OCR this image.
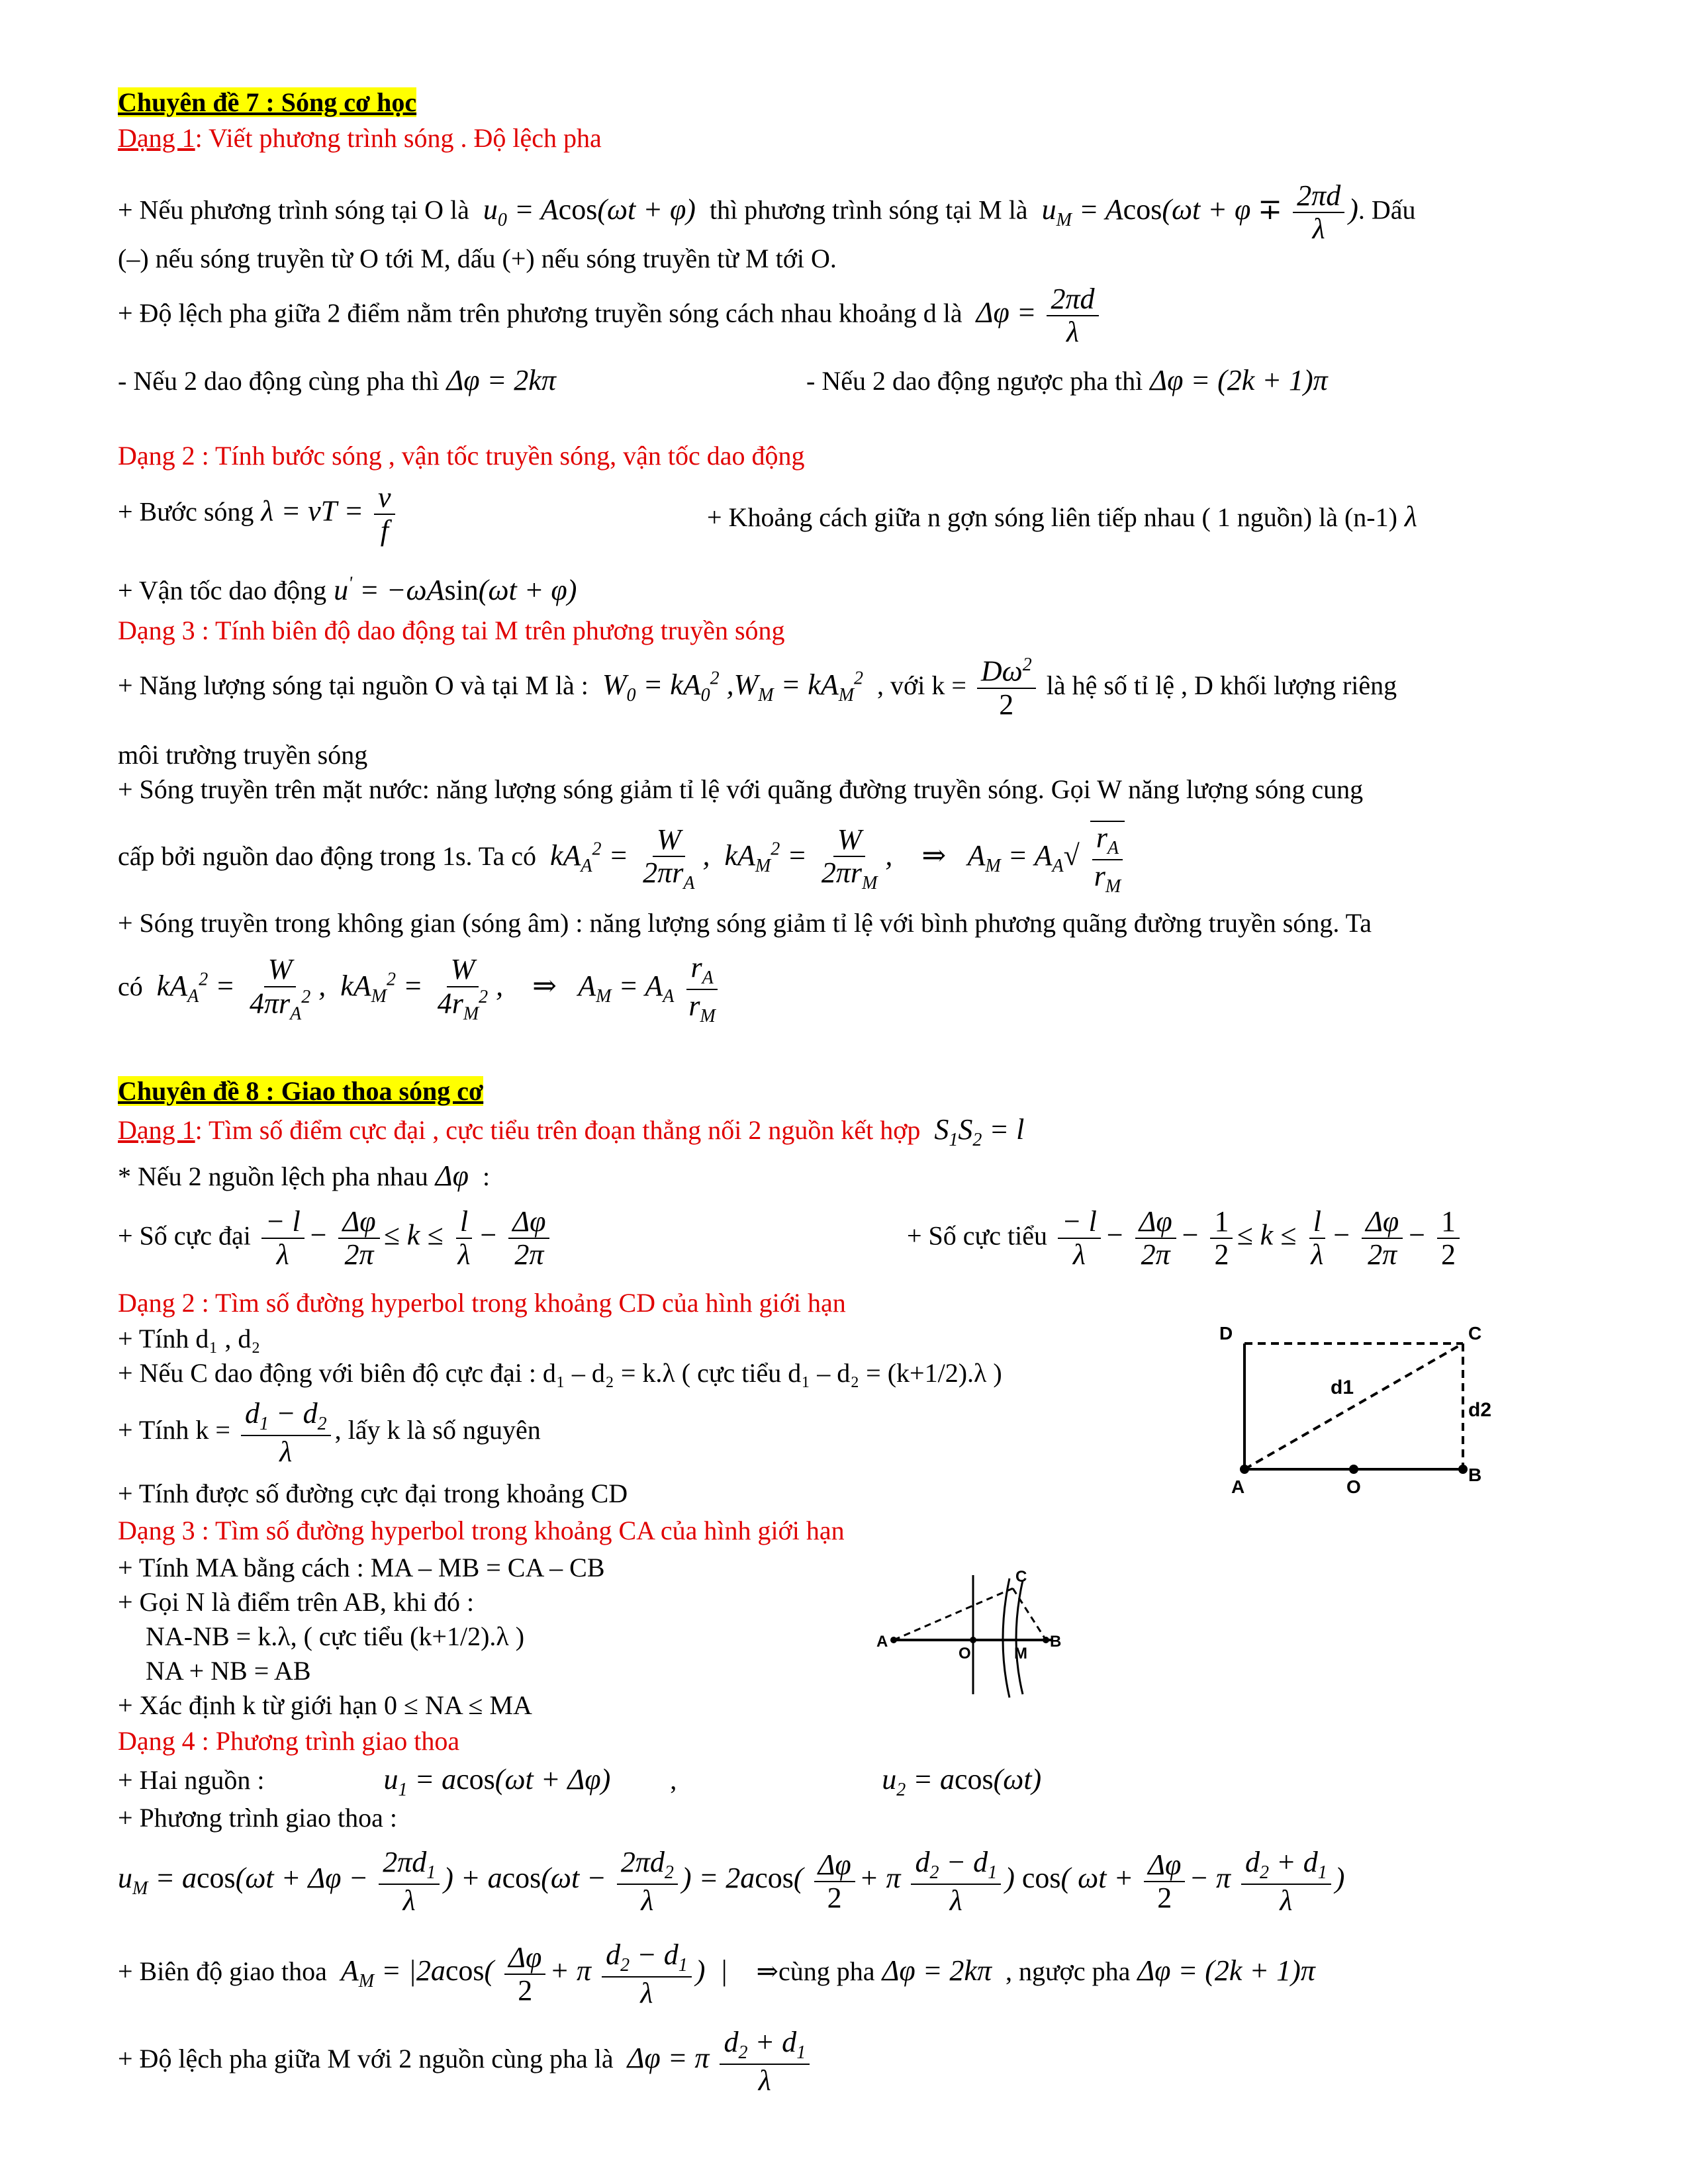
Chuyên đề 7 : Sóng cơ học
Dạng 1: Viết phương trình sóng . Độ lệch pha
+ Nếu phương trình sóng tại O là  $u_0 = Acos(\omega t + \varphi)$  thì phương trình sóng tại M là  $u_M = Acos(\omega t + \varphi \mp \frac{2\pi d}{\lambda}$ ). Dấu
(–) nếu sóng truyền từ O tới M, dấu (+) nếu sóng truyền từ M tới O.
+ Độ lệch pha giữa 2 điểm nằm trên phương truyền sóng cách nhau khoảng d là  $\Delta\varphi = \frac{2\pi d}{\lambda}$
- Nếu 2 dao động cùng pha thì Δφ = 2kπ	- Nếu 2 dao động ngược pha thì Δφ = (2k + 1)π
Dạng 2 : Tính bước sóng , vận tốc truyền sóng, vận tốc dao động
+ Bước sóng λ = vT = $\frac{v}{f}$	+ Khoảng cách giữa n gợn sóng liên tiếp nhau ( 1 nguồn) là (n-1) λ
+ Vận tốc dao động u' = −ωAsin(ωt + φ)
Dạng 3 : Tính biên độ dao động tai M trên phương truyền sóng
+ Năng lượng sóng tại nguồn O và tại M là :  $W_0 = kA_0^2$ $,W_M = kA_M^2$ , với $k = \frac{D\omega^2}{2}$ là hệ số tỉ lệ , D khối lượng riêng
môi trường truyền sóng
+ Sóng truyền trên mặt nước: năng lượng sóng giảm tỉ lệ với quãng đường truyền sóng. Gọi W năng lượng sóng cung
cấp bởi nguồn dao động trong 1s. Ta có  $kA_A^2 = \frac{W}{2\pi r_A}$ ,  $kA_M^2 = \frac{W}{2\pi r_M}$ ,    ⇒   $A_M = A_A√ \frac{r_A}{r_M}$
+ Sóng truyền trong không gian (sóng âm) : năng lượng sóng giảm tỉ lệ với bình phương quãng đường truyền sóng. Ta
có  $kA_A^2 = \frac{W}{4\pi r_A^2}$ ,  $kA_M^2 = \frac{W}{4r_M^2}$ ,    ⇒   $A_M = A_A \frac{r_A}{r_M}$
Chuyên đề 8 : Giao thoa sóng cơ
Dạng 1: Tìm số điểm cực đại , cực tiểu trên đoạn thẳng nối 2 nguồn kết hợp  $S_1S_2 = l$
* Nếu 2 nguồn lệch pha nhau Δφ  :
+ Số cực đại $\frac{- l}{\lambda} - \frac{\Delta\varphi}{2\pi} \le k \le \frac{l}{\lambda} - \frac{\Delta\varphi}{2\pi}$	+ Số cực tiểu $\frac{- l}{\lambda} - \frac{\Delta\varphi}{2\pi} - \frac{1}{2} \le k \le \frac{l}{\lambda} - \frac{\Delta\varphi}{2\pi} - \frac{1}{2}$
Dạng 2 : Tìm số đường hyperbol trong khoảng CD của hình giới hạn
+ Tính d₁ , d₂
+ Nếu C dao động với biên độ cực đại : d₁ – d₂ = k.λ ( cực tiểu d₁ – d₂ = (k+1/2).λ )
+ Tính $k = \frac{d_1 - d_2}{\lambda}$ , lấy k là số nguyên
+ Tính được số đường cực đại trong khoảng CD
Dạng 3 : Tìm số đường hyperbol trong khoảng CA của hình giới hạn
+ Tính MA bằng cách : MA – MB = CA – CB
+ Gọi N là điểm trên AB, khi đó :
NA-NB = k.λ, ( cực tiểu (k+1/2).λ )
NA + NB = AB
+ Xác định k từ giới hạn 0 ≤ NA ≤ MA
Dạng 4 : Phương trình giao thoa
+ Hai nguồn :	$u_1 = acos(\omega t + \Delta\varphi)$ ,	$u_2 = acos(\omega t)$
+ Phương trình giao thoa :
$u_M = acos(\omega t + \Delta\varphi - \frac{2\pi d_1}{\lambda}$ ) + $acos(\omega t - \frac{2\pi d_2}{\lambda}$ ) = $2acos( \frac{\Delta\varphi}{2} + \pi \frac{d_2 - d_1}{\lambda}$ ) cos( $\omega t + \frac{\Delta\varphi}{2} - \pi \frac{d_2 + d_1}{\lambda}$ )
+ Biên độ giao thoa  $A_M = |2acos( \frac{\Delta\varphi}{2} + \pi \frac{d_2 - d_1}{\lambda}$ )  |    ⇒cùng pha Δφ = 2kπ  , ngược pha Δφ = (2k + 1)π
+ Độ lệch pha giữa M với 2 nguồn cùng pha là  Δφ = π $\frac{d_2 + d_1}{\lambda}$
D	C
A	O
B
d1
d2
A
O	M
B
C
